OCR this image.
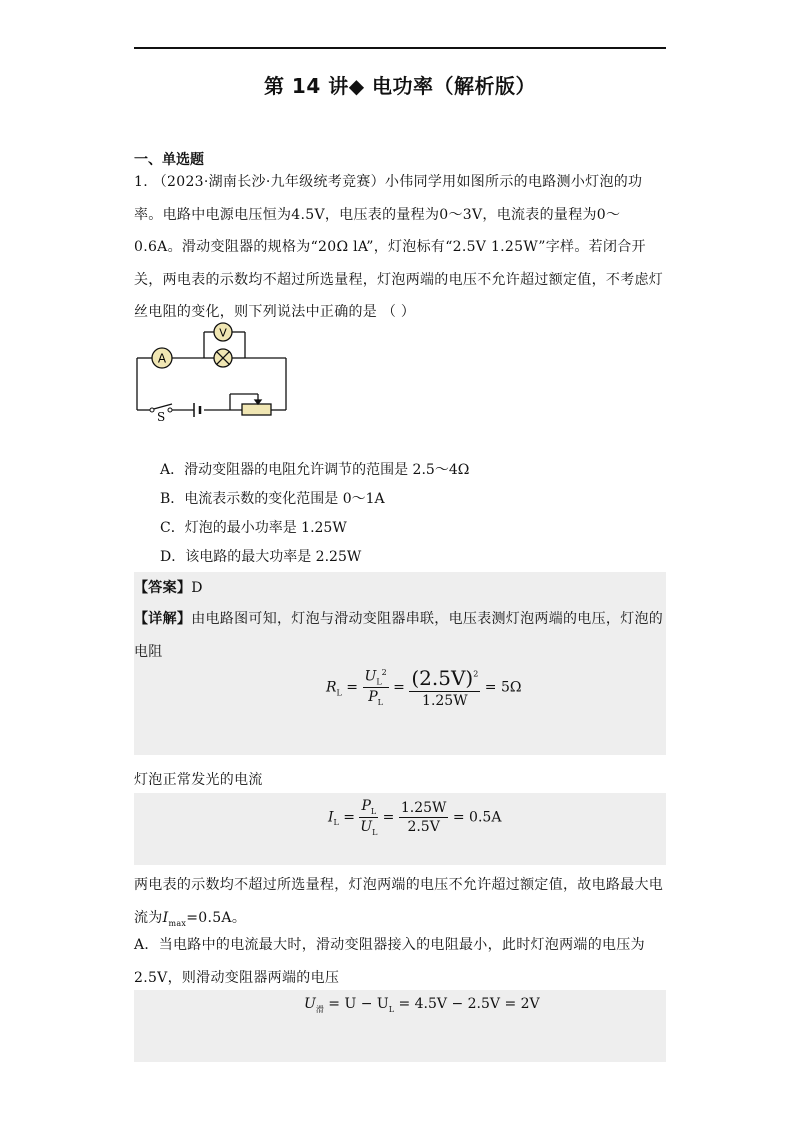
第 14 讲◆ 电功率（解析版）
一、单选题
1. （2023·湖南长沙·九年级统考竞赛）小伟同学用如图所示的电路测小灯泡的功率。电路中电源电压恒为4.5V，电压表的量程为0～3V，电流表的量程为0～0.6A。滑动变阻器的规格为“20Ω lA”，灯泡标有“2.5V 1.25W”字样。若闭合开关，两电表的示数均不超过所选量程，灯泡两端的电压不允许超过额定值，不考虑灯丝电阻的变化，则下列说法中正确的是 （ ）
A
V
S
A．滑动变阻器的电阻允许调节的范围是 2.5～4Ω
B．电流表示数的变化范围是 0～1A
C．灯泡的最小功率是 1.25W
D．该电路的最大功率是 2.25W
【答案】D
【详解】由电路图可知，灯泡与滑动变阻器串联，电压表测灯泡两端的电压，灯泡的电阻
$R_L = \frac{U_L^2}{P_L} = \frac{(2.5V)^2}{1.25W} = 5\Omega$
灯泡正常发光的电流
$I_L = \frac{P_L}{U_L} = \frac{1.25W}{2.5V} = 0.5A$
两电表的示数均不超过所选量程，灯泡两端的电压不允许超过额定值，故电路最大电流为$I_{max}=0.5A$。
A．当电路中的电流最大时，滑动变阻器接入的电阻最小，此时灯泡两端的电压为2.5V，则滑动变阻器两端的电压
$U_滑 = U - U_L = 4.5V - 2.5V = 2V$
